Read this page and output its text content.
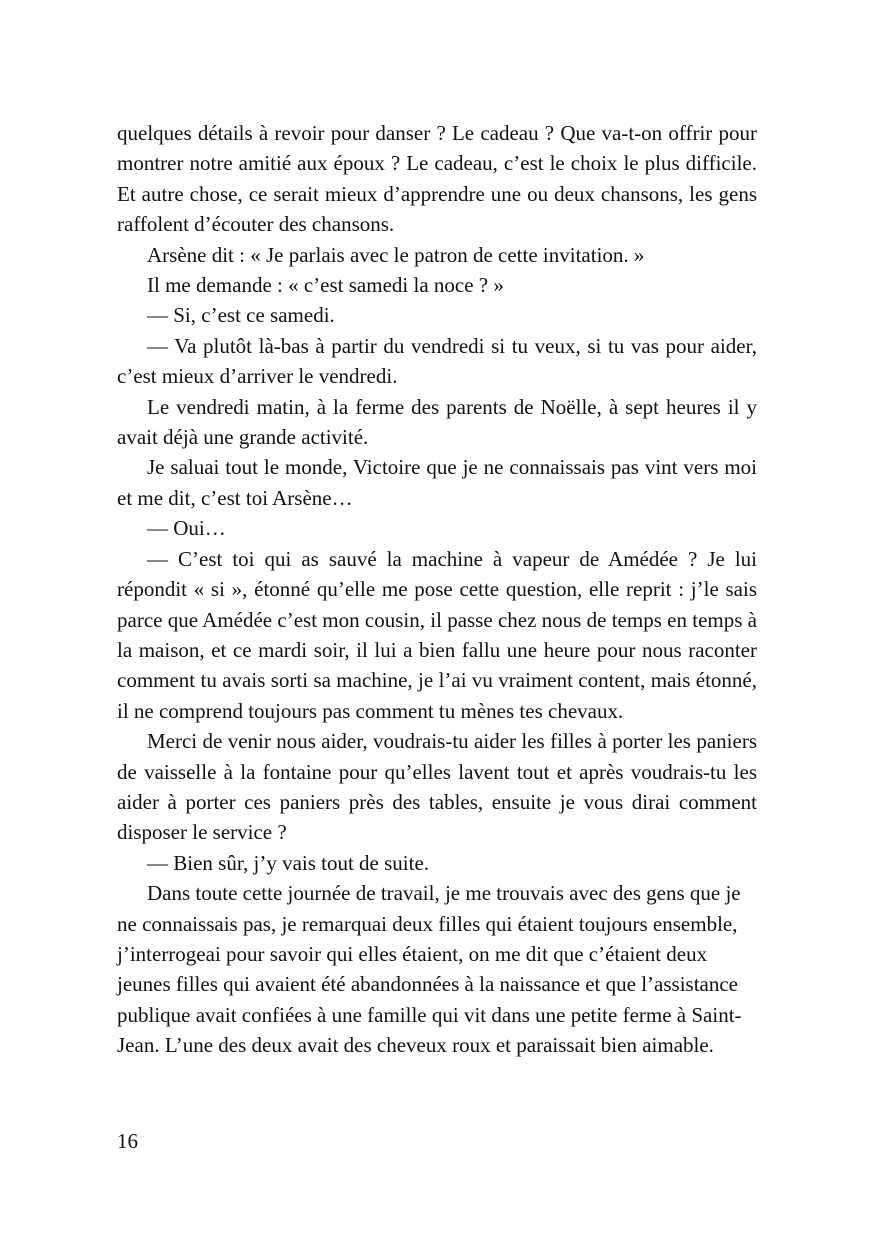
quelques détails à revoir pour danser ? Le cadeau ? Que va-t-on offrir pour montrer notre amitié aux époux ? Le cadeau, c’est le choix le plus difficile. Et autre chose, ce serait mieux d’apprendre une ou deux chansons, les gens raffolent d’écouter des chansons.

Arsène dit : « Je parlais avec le patron de cette invitation. »

Il me demande : « c’est samedi la noce ? »

— Si, c’est ce samedi.

— Va plutôt là-bas à partir du vendredi si tu veux, si tu vas pour aider, c’est mieux d’arriver le vendredi.

Le vendredi matin, à la ferme des parents de Noëlle, à sept heures il y avait déjà une grande activité.

Je saluai tout le monde, Victoire que je ne connaissais pas vint vers moi et me dit, c’est toi Arsène…

— Oui…

— C’est toi qui as sauvé la machine à vapeur de Amédée ? Je lui répondit « si », étonné qu’elle me pose cette question, elle reprit : j’le sais parce que Amédée c’est mon cousin, il passe chez nous de temps en temps à la maison, et ce mardi soir, il lui a bien fallu une heure pour nous raconter comment tu avais sorti sa machine, je l’ai vu vraiment content, mais étonné, il ne comprend toujours pas comment tu mènes tes chevaux.

Merci de venir nous aider, voudrais-tu aider les filles à porter les paniers de vaisselle à la fontaine pour qu’elles lavent tout et après voudrais-tu les aider à porter ces paniers près des tables, ensuite je vous dirai comment disposer le service ?

— Bien sûr, j’y vais tout de suite.

Dans toute cette journée de travail, je me trouvais avec des gens que je ne connaissais pas, je remarquai deux filles qui étaient toujours ensemble, j’interrogeai pour savoir qui elles étaient, on me dit que c’étaient deux jeunes filles qui avaient été abandonnées à la naissance et que l’assistance publique avait confiées à une famille qui vit dans une petite ferme à Saint-Jean. L’une des deux avait des cheveux roux et paraissait bien aimable.

16
